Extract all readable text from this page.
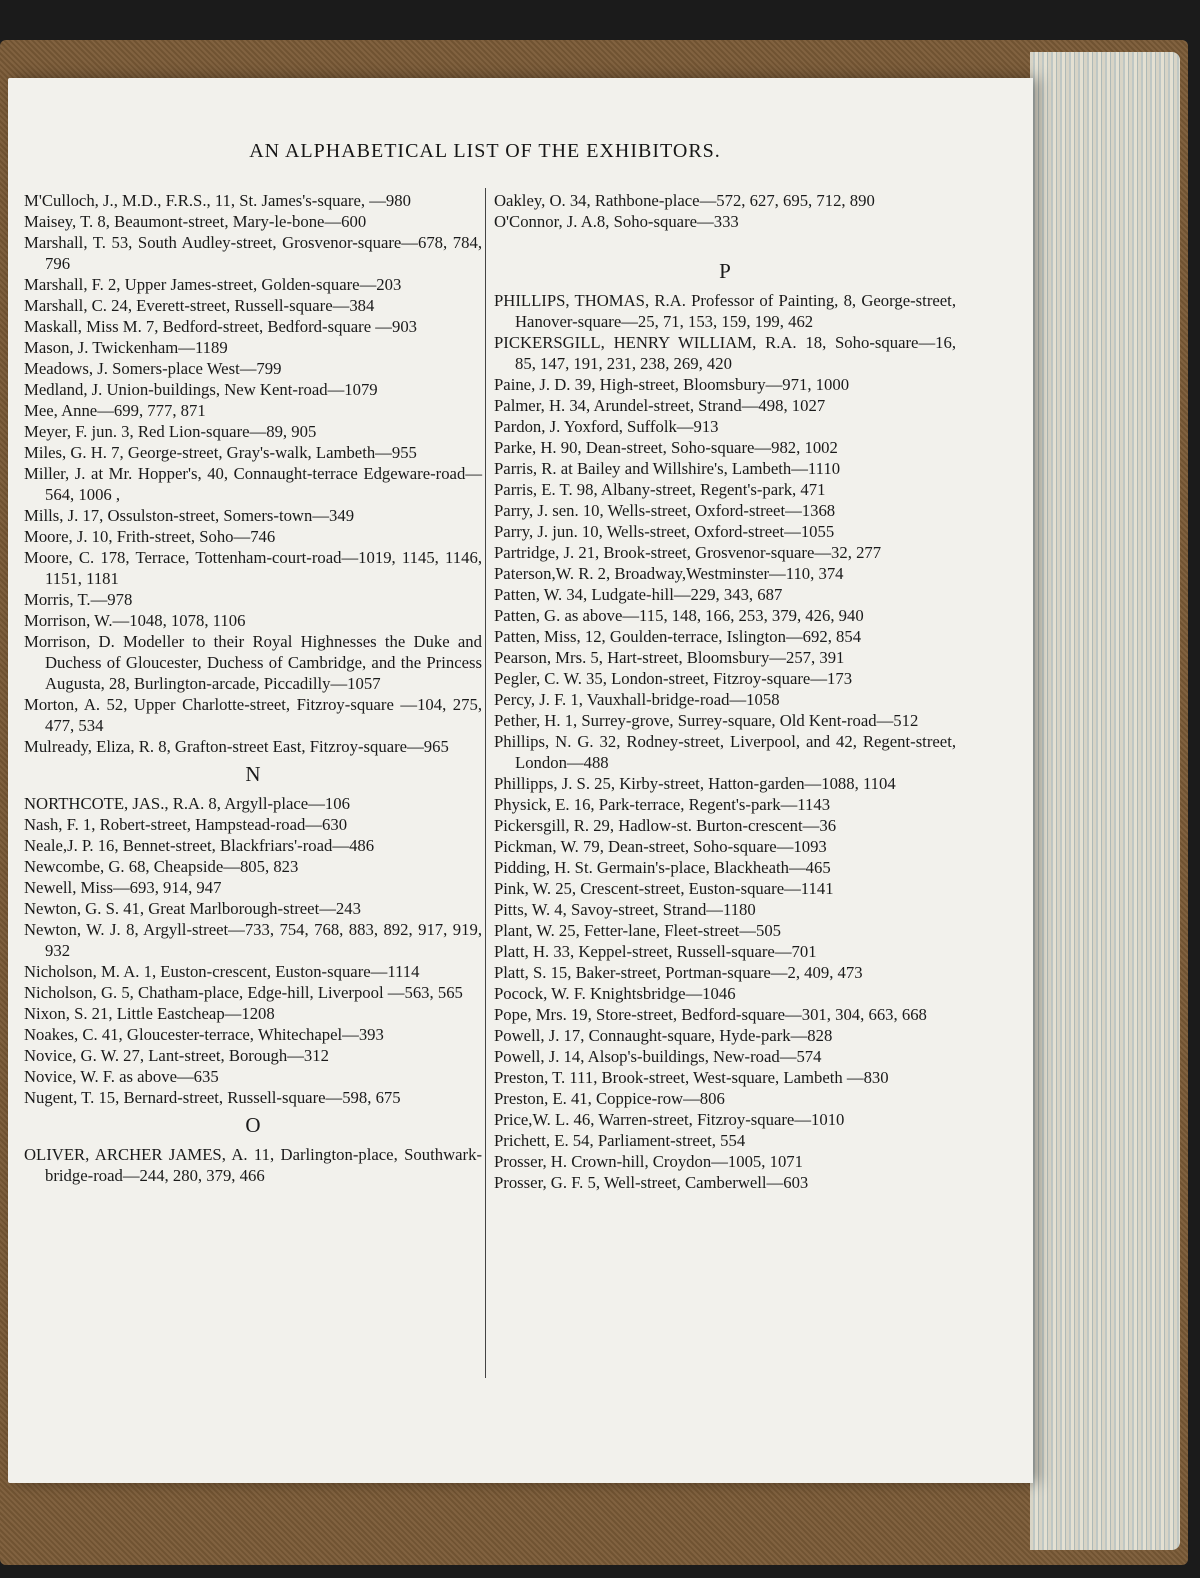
AN ALPHABETICAL LIST OF THE EXHIBITORS.
M'Culloch, J., M.D., F.R.S., 11, St. James's-square, —980
Maisey, T. 8, Beaumont-street, Mary-le-bone—600
Marshall, T. 53, South Audley-street, Grosvenor-square—678, 784, 796
Marshall, F. 2, Upper James-street, Golden-square—203
Marshall, C. 24, Everett-street, Russell-square—384
Maskall, Miss M. 7, Bedford-street, Bedford-square —903
Mason, J. Twickenham—1189
Meadows, J. Somers-place West—799
Medland, J. Union-buildings, New Kent-road—1079
Mee, Anne—699, 777, 871
Meyer, F. jun. 3, Red Lion-square—89, 905
Miles, G. H. 7, George-street, Gray's-walk, Lambeth—955
Miller, J. at Mr. Hopper's, 40, Connaught-terrace Edgeware-road—564, 1006 ,
Mills, J. 17, Ossulston-street, Somers-town—349
Moore, J. 10, Frith-street, Soho—746
Moore, C. 178, Terrace, Tottenham-court-road—1019, 1145, 1146, 1151, 1181
Morris, T.—978
Morrison, W.—1048, 1078, 1106
Morrison, D. Modeller to their Royal Highnesses the Duke and Duchess of Gloucester, Duchess of Cambridge, and the Princess Augusta, 28, Burlington-arcade, Piccadilly—1057
Morton, A. 52, Upper Charlotte-street, Fitzroy-square —104, 275, 477, 534
Mulready, Eliza, R. 8, Grafton-street East, Fitzroy-square—965
N
NORTHCOTE, JAS., R.A. 8, Argyll-place—106
Nash, F. 1, Robert-street, Hampstead-road—630
Neale,J. P. 16, Bennet-street, Blackfriars'-road—486
Newcombe, G. 68, Cheapside—805, 823
Newell, Miss—693, 914, 947
Newton, G. S. 41, Great Marlborough-street—243
Newton, W. J. 8, Argyll-street—733, 754, 768, 883, 892, 917, 919, 932
Nicholson, M. A. 1, Euston-crescent, Euston-square—1114
Nicholson, G. 5, Chatham-place, Edge-hill, Liverpool —563, 565
Nixon, S. 21, Little Eastcheap—1208
Noakes, C. 41, Gloucester-terrace, Whitechapel—393
Novice, G. W. 27, Lant-street, Borough—312
Novice, W. F. as above—635
Nugent, T. 15, Bernard-street, Russell-square—598, 675
O
OLIVER, ARCHER JAMES, A. 11, Darlington-place, Southwark-bridge-road—244, 280, 379, 466
Oakley, O. 34, Rathbone-place—572, 627, 695, 712, 890
O'Connor, J. A.8, Soho-square—333
P
PHILLIPS, THOMAS, R.A. Professor of Painting, 8, George-street, Hanover-square—25, 71, 153, 159, 199, 462
PICKERSGILL, HENRY WILLIAM, R.A. 18, Soho-square—16, 85, 147, 191, 231, 238, 269, 420
Paine, J. D. 39, High-street, Bloomsbury—971, 1000
Palmer, H. 34, Arundel-street, Strand—498, 1027
Pardon, J. Yoxford, Suffolk—913
Parke, H. 90, Dean-street, Soho-square—982, 1002
Parris, R. at Bailey and Willshire's, Lambeth—1110
Parris, E. T. 98, Albany-street, Regent's-park, 471
Parry, J. sen. 10, Wells-street, Oxford-street—1368
Parry, J. jun. 10, Wells-street, Oxford-street—1055
Partridge, J. 21, Brook-street, Grosvenor-square—32, 277
Paterson,W. R. 2, Broadway,Westminster—110, 374
Patten, W. 34, Ludgate-hill—229, 343, 687
Patten, G. as above—115, 148, 166, 253, 379, 426, 940
Patten, Miss, 12, Goulden-terrace, Islington—692, 854
Pearson, Mrs. 5, Hart-street, Bloomsbury—257, 391
Pegler, C. W. 35, London-street, Fitzroy-square—173
Percy, J. F. 1, Vauxhall-bridge-road—1058
Pether, H. 1, Surrey-grove, Surrey-square, Old Kent-road—512
Phillips, N. G. 32, Rodney-street, Liverpool, and 42, Regent-street, London—488
Phillipps, J. S. 25, Kirby-street, Hatton-garden—1088, 1104
Physick, E. 16, Park-terrace, Regent's-park—1143
Pickersgill, R. 29, Hadlow-st. Burton-crescent—36
Pickman, W. 79, Dean-street, Soho-square—1093
Pidding, H. St. Germain's-place, Blackheath—465
Pink, W. 25, Crescent-street, Euston-square—1141
Pitts, W. 4, Savoy-street, Strand—1180
Plant, W. 25, Fetter-lane, Fleet-street—505
Platt, H. 33, Keppel-street, Russell-square—701
Platt, S. 15, Baker-street, Portman-square—2, 409, 473
Pocock, W. F. Knightsbridge—1046
Pope, Mrs. 19, Store-street, Bedford-square—301, 304, 663, 668
Powell, J. 17, Connaught-square, Hyde-park—828
Powell, J. 14, Alsop's-buildings, New-road—574
Preston, T. 111, Brook-street, West-square, Lambeth —830
Preston, E. 41, Coppice-row—806
Price,W. L. 46, Warren-street, Fitzroy-square—1010
Prichett, E. 54, Parliament-street, 554
Prosser, H. Crown-hill, Croydon—1005, 1071
Prosser, G. F. 5, Well-street, Camberwell—603
